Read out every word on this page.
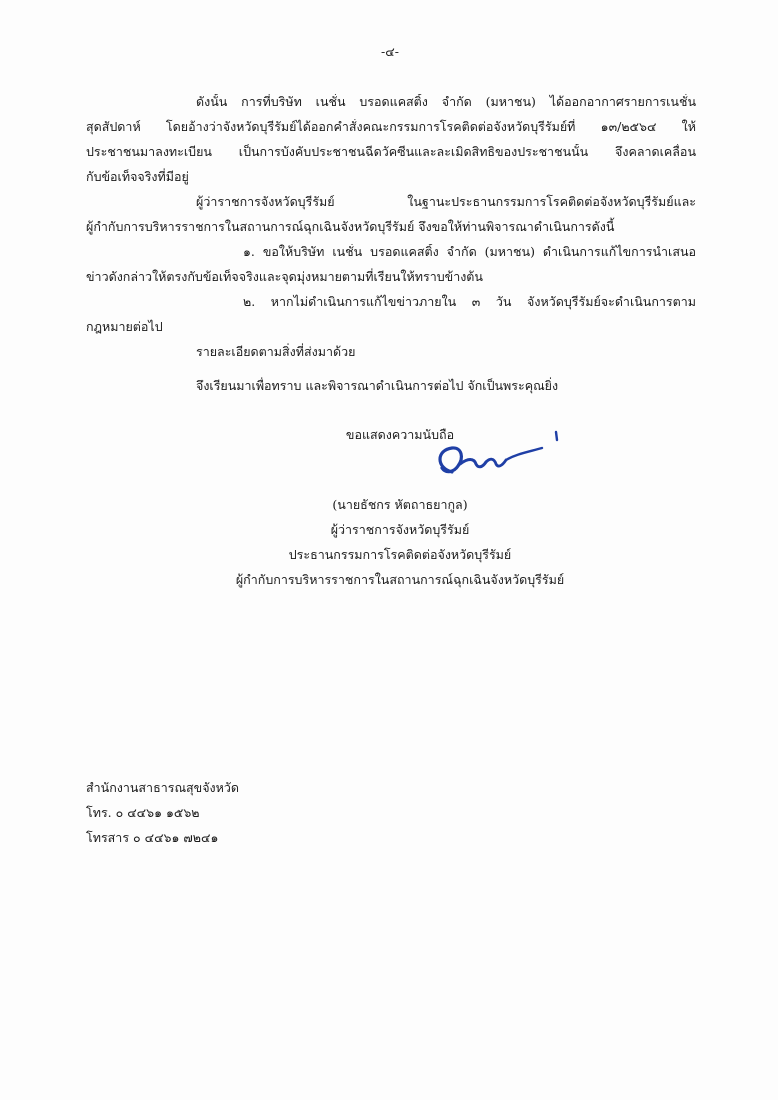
-๔-
ดังนั้น การที่บริษัท เนชั่น บรอดแคสติ้ง จำกัด (มหาชน) ได้ออกอากาศรายการเนชั่น
สุดสัปดาห์ โดยอ้างว่าจังหวัดบุรีรัมย์ได้ออกคำสั่งคณะกรรมการโรคติดต่อจังหวัดบุรีรัมย์ที่ ๑๓/๒๕๖๔ ให้
ประชาชนมาลงทะเบียน เป็นการบังคับประชาชนฉีดวัคซีนและละเมิดสิทธิของประชาชนนั้น จึงคลาดเคลื่อน
กับข้อเท็จจริงที่มีอยู่
ผู้ว่าราชการจังหวัดบุรีรัมย์ ในฐานะประธานกรรมการโรคติดต่อจังหวัดบุรีรัมย์และ
ผู้กำกับการบริหารราชการในสถานการณ์ฉุกเฉินจังหวัดบุรีรัมย์ จึงขอให้ท่านพิจารณาดำเนินการดังนี้
๑. ขอให้บริษัท เนชั่น บรอดแคสติ้ง จำกัด (มหาชน) ดำเนินการแก้ไขการนำเสนอ
ข่าวดังกล่าวให้ตรงกับข้อเท็จจริงและจุดมุ่งหมายตามที่เรียนให้ทราบข้างต้น
๒. หากไม่ดำเนินการแก้ไขข่าวภายใน ๓ วัน จังหวัดบุรีรัมย์จะดำเนินการตาม
กฎหมายต่อไป
รายละเอียดตามสิ่งที่ส่งมาด้วย
จึงเรียนมาเพื่อทราบ และพิจารณาดำเนินการต่อไป จักเป็นพระคุณยิ่ง
ขอแสดงความนับถือ
(นายธัชกร หัตถาธยากูล)
ผู้ว่าราชการจังหวัดบุรีรัมย์
ประธานกรรมการโรคติดต่อจังหวัดบุรีรัมย์
ผู้กำกับการบริหารราชการในสถานการณ์ฉุกเฉินจังหวัดบุรีรัมย์
สำนักงานสาธารณสุขจังหวัด
โทร. ๐ ๔๔๖๑ ๑๕๖๒
โทรสาร ๐ ๔๔๖๑ ๗๒๔๑
